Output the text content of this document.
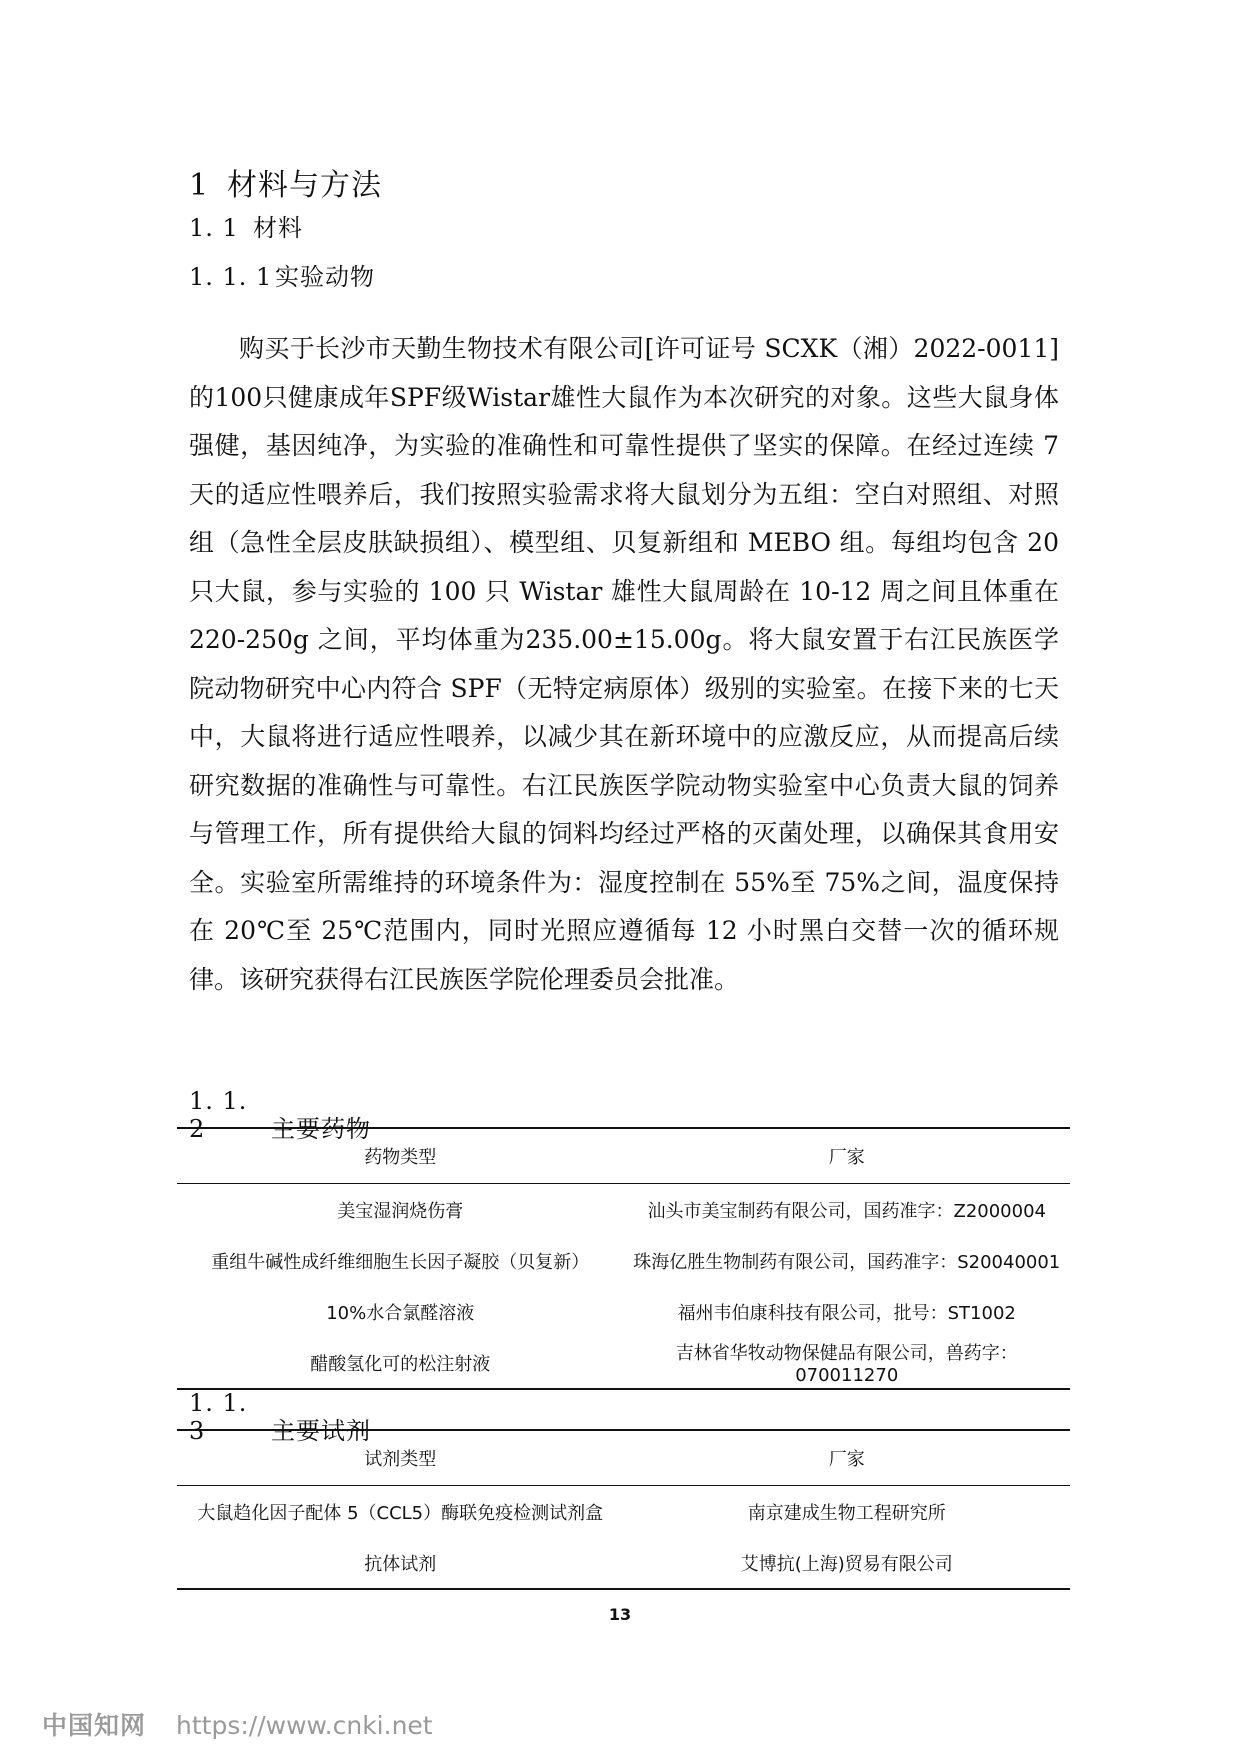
1 材料与方法
1. 1 材料
1. 1. 1 实验动物

购买于长沙市天勤生物技术有限公司[许可证号 SCXK（湘）2022-0011]的100只健康成年SPF级Wistar雄性大鼠作为本次研究的对象。这些大鼠身体强健，基因纯净，为实验的准确性和可靠性提供了坚实的保障。在经过连续 7 天的适应性喂养后，我们按照实验需求将大鼠划分为五组：空白对照组、对照组（急性全层皮肤缺损组）、模型组、贝复新组和 MEBO 组。每组均包含 20 只大鼠，参与实验的 100 只 Wistar 雄性大鼠周龄在 10-12 周之间且体重在 220-250g 之间，平均体重为235.00±15.00g。将大鼠安置于右江民族医学院动物研究中心内符合 SPF（无特定病原体）级别的实验室。在接下来的七天中，大鼠将进行适应性喂养，以减少其在新环境中的应激反应，从而提高后续研究数据的准确性与可靠性。右江民族医学院动物实验室中心负责大鼠的饲养与管理工作，所有提供给大鼠的饲料均经过严格的灭菌处理，以确保其食用安全。实验室所需维持的环境条件为：湿度控制在 55%至 75%之间，温度保持在 20℃至 25℃范围内，同时光照应遵循每 12 小时黑白交替一次的循环规律。该研究获得右江民族医学院伦理委员会批准。

1. 1. 2	主要药物
药物类型	厂家
美宝湿润烧伤膏	汕头市美宝制药有限公司，国药准字：Z2000004
重组牛碱性成纤维细胞生长因子凝胶（贝复新）	珠海亿胜生物制药有限公司，国药准字：S20040001
10%水合氯醛溶液	福州韦伯康科技有限公司，批号：ST1002
醋酸氢化可的松注射液	吉林省华牧动物保健品有限公司，兽药字：070011270
1. 1. 3	主要试剂
试剂类型	厂家
大鼠趋化因子配体 5（CCL5）酶联免疫检测试剂盒	南京建成生物工程研究所
抗体试剂	艾博抗(上海)贸易有限公司
13
中国知网 https://www.cnki.net
